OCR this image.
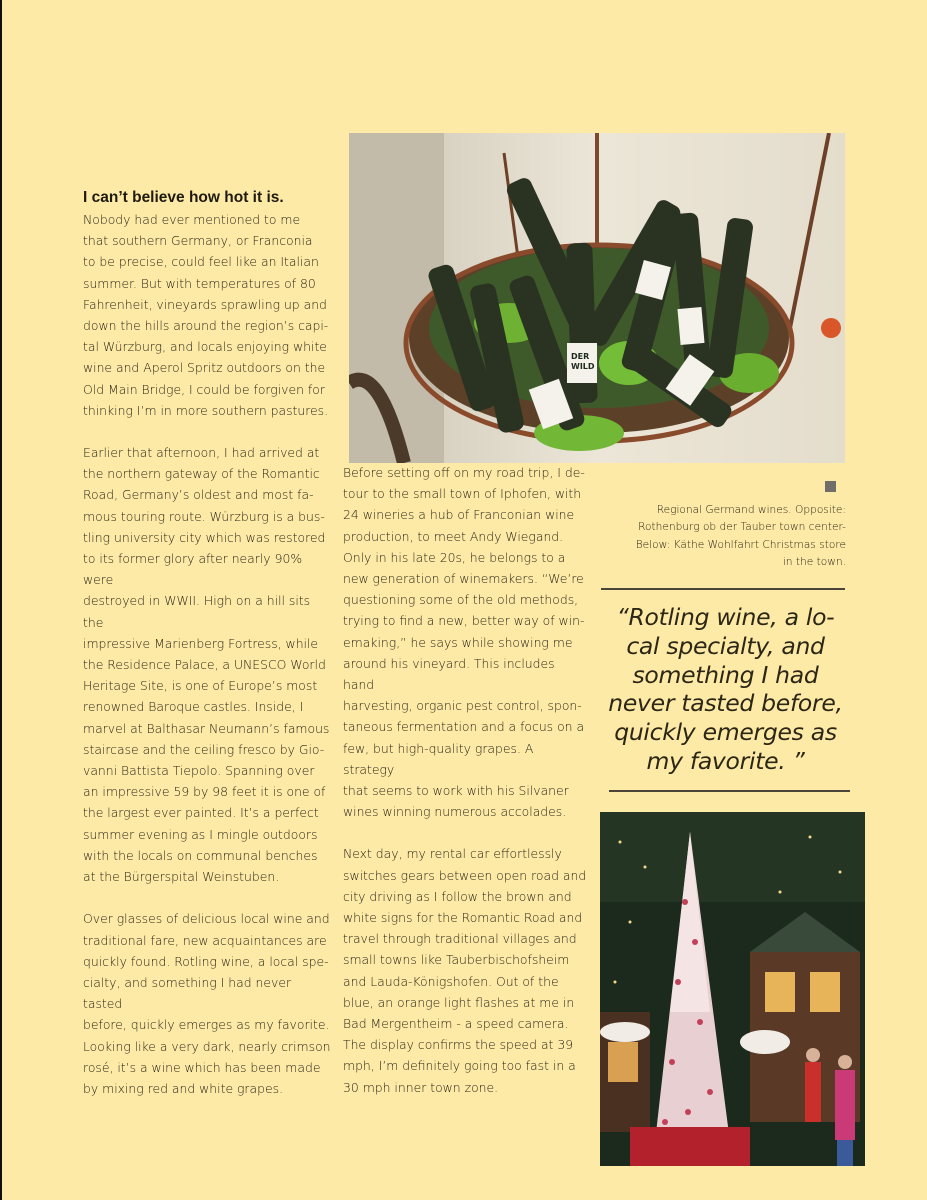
DER
WILD
I can’t believe how hot it is.

Nobody had ever mentioned to me
that southern Germany, or Franconia
to be precise, could feel like an Italian
summer. But with temperatures of 80
Fahrenheit, vineyards sprawling up and
down the hills around the region’s capi-
tal Würzburg, and locals enjoying white
wine and Aperol Spritz outdoors on the
Old Main Bridge, I could be forgiven for
thinking I’m in more southern pastures.

Earlier that afternoon, I had arrived at
the northern gateway of the Romantic
Road, Germany’s oldest and most fa-
mous touring route. Würzburg is a bus-
tling university city which was restored
to its former glory after nearly 90% were
destroyed in WWII. High on a hill sits the
impressive Marienberg Fortress, while
the Residence Palace, a UNESCO World
Heritage Site, is one of Europe’s most
renowned Baroque castles. Inside, I
marvel at Balthasar Neumann’s famous
staircase and the ceiling fresco by Gio-
vanni Battista Tiepolo. Spanning over
an impressive 59 by 98 feet it is one of
the largest ever painted. It’s a perfect
summer evening as I mingle outdoors
with the locals on communal benches
at the Bürgerspital Weinstuben.

Over glasses of delicious local wine and
traditional fare, new acquaintances are
quickly found. Rotling wine, a local spe-
cialty, and something I had never tasted
before, quickly emerges as my favorite.
Looking like a very dark, nearly crimson
rosé, it’s a wine which has been made
by mixing red and white grapes.

Before setting off on my road trip, I de-
tour to the small town of Iphofen, with
24 wineries a hub of Franconian wine
production, to meet Andy Wiegand.
Only in his late 20s, he belongs to a
new generation of winemakers. “We’re
questioning some of the old methods,
trying to find a new, better way of win-
emaking,” he says while showing me
around his vineyard. This includes hand
harvesting, organic pest control, spon-
taneous fermentation and a focus on a
few, but high-quality grapes. A strategy
that seems to work with his Silvaner
wines winning numerous accolades.

Next day, my rental car effortlessly
switches gears between open road and
city driving as I follow the brown and
white signs for the Romantic Road and
travel through traditional villages and
small towns like Tauberbischofsheim
and Lauda-Königshofen. Out of the
blue, an orange light flashes at me in
Bad Mergentheim - a speed camera.
The display confirms the speed at 39
mph, I’m definitely going too fast in a
30 mph inner town zone.

Regional Germand wines. Opposite:
Rothenburg ob der Tauber town center-
Below: Käthe Wohlfahrt Christmas store
in the town.
“Rotling wine, a lo-
cal specialty, and
something I had
never tasted before,
quickly emerges as
my favorite. ”
